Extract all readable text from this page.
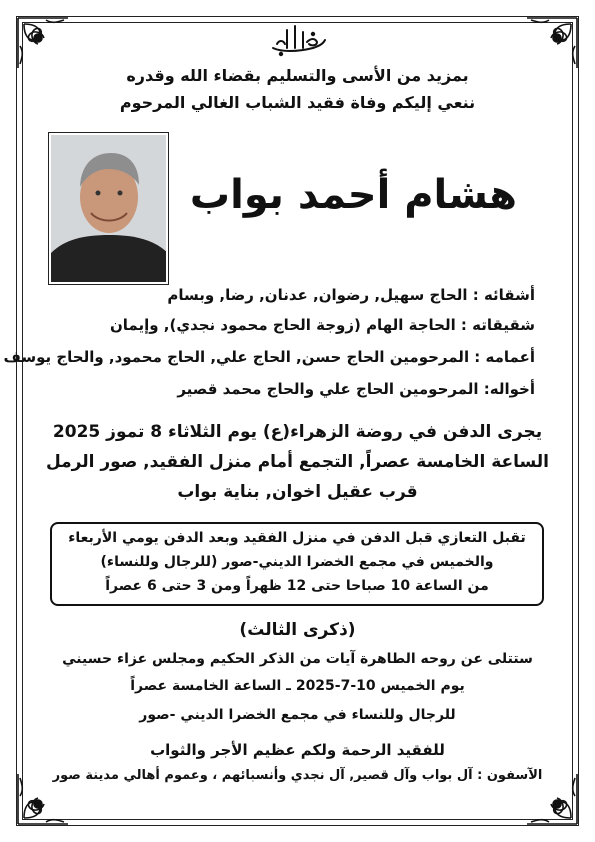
بمزيد من الأسى والتسليم بقضاء الله وقدره
ننعي إليكم وفاة فقيد الشباب الغالي المرحوم
هشام أحمد بواب
أشقائه : الحاج سهيل, رضوان, عدنان, رضا, وبسام
شقيقاته : الحاجة الهام (زوجة الحاج محمود نجدي), وإيمان
أعمامه : المرحومين الحاج حسن, الحاج علي, الحاج محمود, والحاج يوسف
أخواله: المرحومين الحاج علي والحاج محمد قصير
يجرى الدفن في روضة الزهراء(ع) يوم الثلاثاء 8 تموز 2025
الساعة الخامسة عصراً, التجمع أمام منزل الفقيد, صور الرمل
قرب عقيل اخوان, بناية بواب
تقبل التعازي قبل الدفن في منزل الفقيد وبعد الدفن يومي الأربعاء
والخميس في مجمع الخضرا الديني-صور (للرجال وللنساء)
من الساعة 10 صباحا حتى 12 ظهراً ومن 3 حتى 6 عصراً
(ذكرى الثالث)
ستتلى عن روحه الطاهرة آيات من الذكر الحكيم ومجلس عزاء حسيني
يوم الخميس 10-7-2025 ـ الساعة الخامسة عصراً
للرجال وللنساء في مجمع الخضرا الديني -صور
للفقيد الرحمة ولكم عظيم الأجر والثواب
الآسفون : آل بواب وآل قصير, آل نجدي وأنسبائهم ، وعموم أهالي مدينة صور
